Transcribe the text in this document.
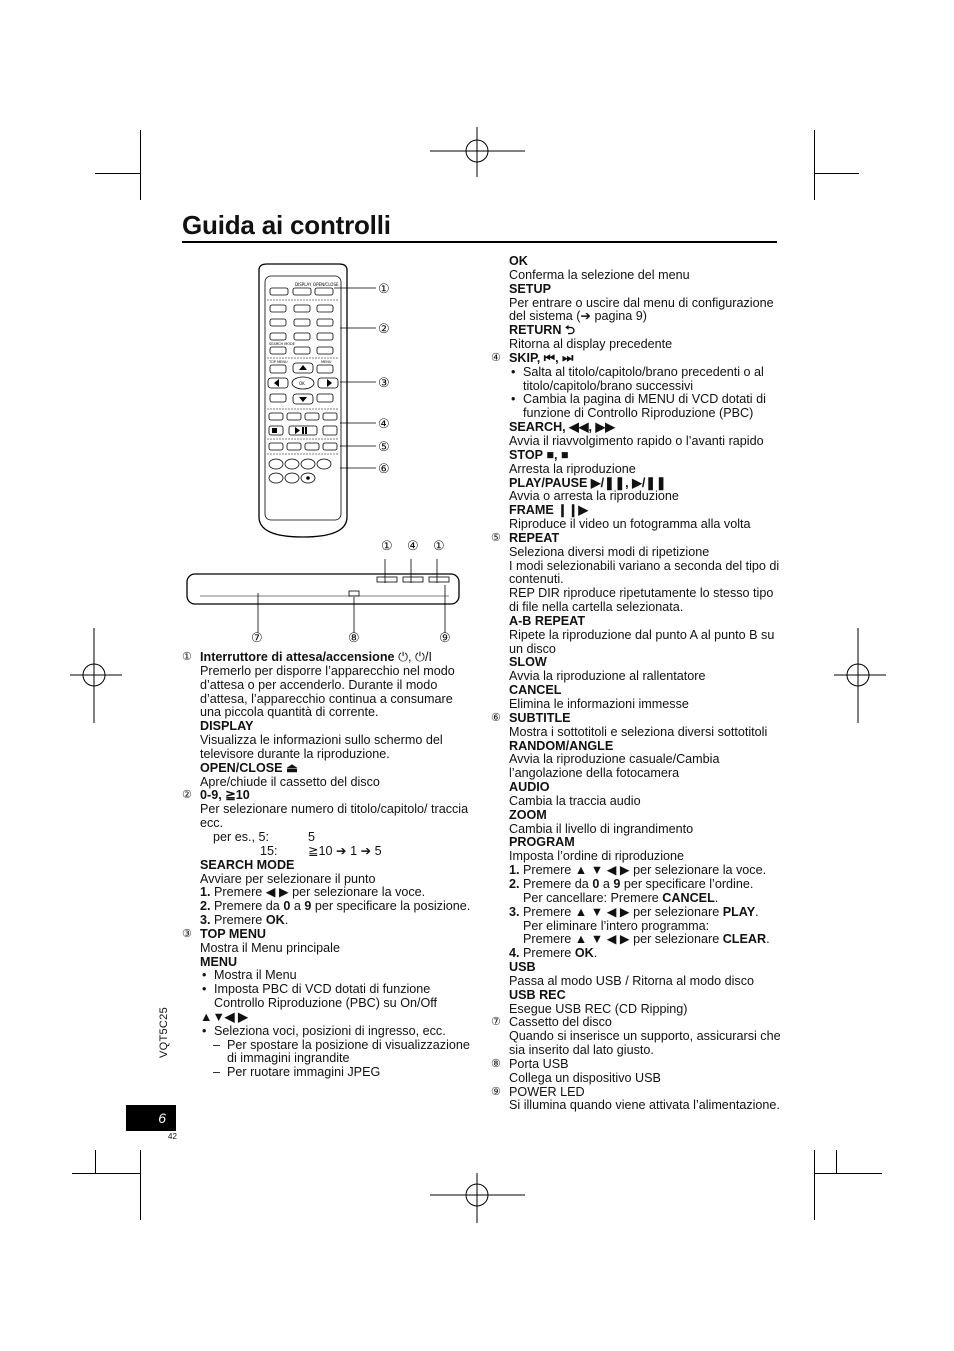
Guida ai controlli
DISPLAY OPEN/CLOSE
SEARCH MODE
TOP MENU	MENU
OK
①
②
③
④
⑤
⑥
① ④ ①
⑦	⑧	⑨
① Interruttore di attesa/accensione ⏻, ⏻/I
Premerlo per disporre l’apparecchio nel modo d’attesa o per accenderlo. Durante il modo d’attesa, l’apparecchio continua a consumare una piccola quantità di corrente.
DISPLAY
Visualizza le informazioni sullo schermo del televisore durante la riproduzione.
OPEN/CLOSE ⏏
Apre/chiude il cassetto del disco
② 0-9, ≧10
Per selezionare numero di titolo/capitolo/ traccia ecc.
per es., 5:	5
15:	≧10 ➔ 1 ➔ 5
SEARCH MODE
Avviare per selezionare il punto
1. Premere ◀ ▶ per selezionare la voce.
2. Premere da 0 a 9 per specificare la posizione.
3. Premere OK.
③ TOP MENU
Mostra il Menu principale
MENU
• Mostra il Menu
• Imposta PBC di VCD dotati di funzione Controllo Riproduzione (PBC) su On/Off
▲▼◀ ▶
• Seleziona voci, posizioni di ingresso, ecc.
– Per spostare la posizione di visualizzazione di immagini ingrandite
– Per ruotare immagini JPEG
OK
Conferma la selezione del menu
SETUP
Per entrare o uscire dal menu di configurazione del sistema (➔ pagina 9)
RETURN ⮌
Ritorna al display precedente
④ SKIP, ⏮, ⏭
• Salta al titolo/capitolo/brano precedenti o al titolo/capitolo/brano successivi
• Cambia la pagina di MENU di VCD dotati di funzione di Controllo Riproduzione (PBC)
SEARCH, ◀◀, ▶▶
Avvia il riavvolgimento rapido o l’avanti rapido
STOP ■, ■
Arresta la riproduzione
PLAY/PAUSE ▶/❚❚, ▶/❚❚
Avvia o arresta la riproduzione
FRAME ❙❙▶
Riproduce il video un fotogramma alla volta
⑤ REPEAT
Seleziona diversi modi di ripetizione
I modi selezionabili variano a seconda del tipo di contenuti.
REP DIR riproduce ripetutamente lo stesso tipo di file nella cartella selezionata.
A-B REPEAT
Ripete la riproduzione dal punto A al punto B su un disco
SLOW
Avvia la riproduzione al rallentatore
CANCEL
Elimina le informazioni immesse
⑥ SUBTITLE
Mostra i sottotitoli e seleziona diversi sottotitoli
RANDOM/ANGLE
Avvia la riproduzione casuale/Cambia l’angolazione della fotocamera
AUDIO
Cambia la traccia audio
ZOOM
Cambia il livello di ingrandimento
PROGRAM
Imposta l’ordine di riproduzione
1. Premere ▲ ▼ ◀ ▶ per selezionare la voce.
2. Premere da 0 a 9 per specificare l’ordine.
Per cancellare: Premere CANCEL.
3. Premere ▲ ▼ ◀ ▶ per selezionare PLAY.
Per eliminare l’intero programma:
Premere ▲ ▼ ◀ ▶ per selezionare CLEAR.
4. Premere OK.
USB
Passa al modo USB / Ritorna al modo disco
USB REC
Esegue USB REC (CD Ripping)
⑦ Cassetto del disco
Quando si inserisce un supporto, assicurarsi che sia inserito dal lato giusto.
⑧ Porta USB
Collega un dispositivo USB
⑨ POWER LED
Si illumina quando viene attivata l’alimentazione.
VQT5C25
6
42
